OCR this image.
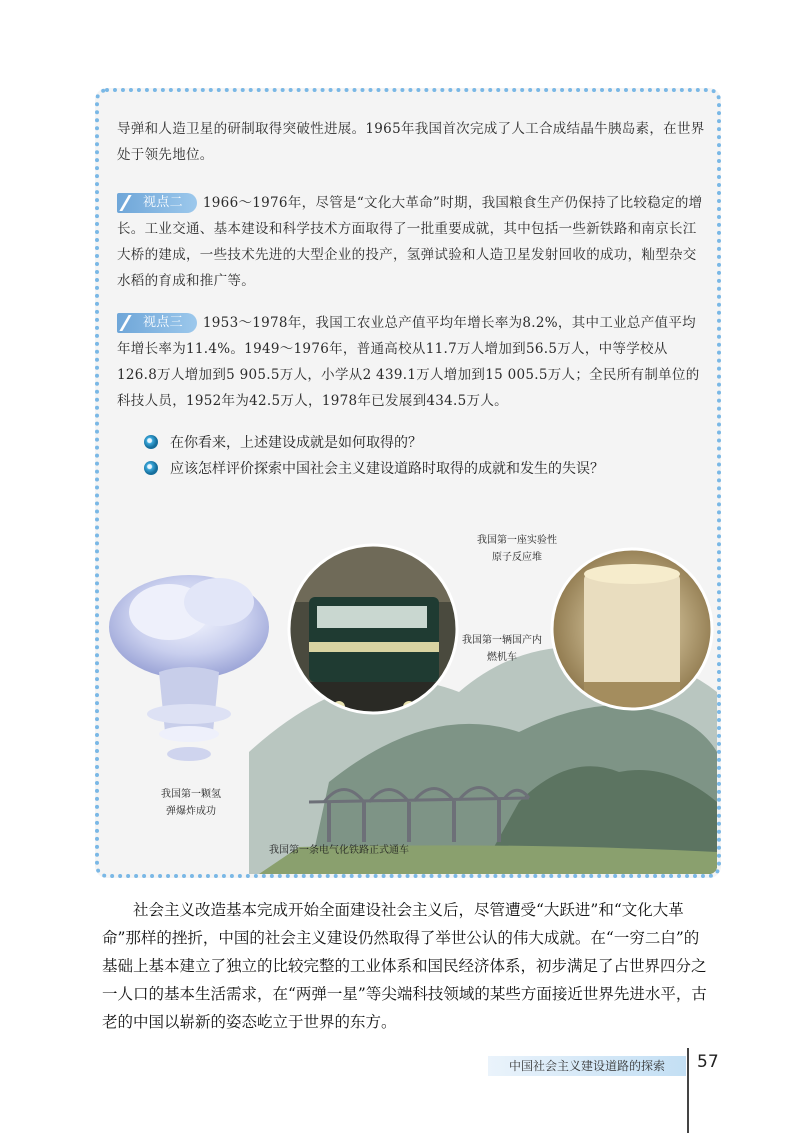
导弹和人造卫星的研制取得突破性进展。1965年我国首次完成了人工合成结晶牛胰岛素，在世界处于领先地位。

视点二 1966～1976年，尽管是“文化大革命”时期，我国粮食生产仍保持了比较稳定的增长。工业交通、基本建设和科学技术方面取得了一批重要成就，其中包括一些新铁路和南京长江大桥的建成，一些技术先进的大型企业的投产，氢弹试验和人造卫星发射回收的成功，籼型杂交水稻的育成和推广等。

视点三 1953～1978年，我国工农业总产值平均年增长率为8.2%，其中工业总产值平均年增长率为11.4%。1949～1976年，普通高校从11.7万人增加到56.5万人，中等学校从126.8万人增加到5 905.5万人，小学从2 439.1万人增加到15 005.5万人；全民所有制单位的科技人员，1952年为42.5万人，1978年已发展到434.5万人。

在你看来，上述建设成就是如何取得的？
应该怎样评价探索中国社会主义建设道路时取得的成就和发生的失误？
我国第一座实验性原子反应堆
我国第一辆国产内燃机车
我国第一颗氢弹爆炸成功
我国第一条电气化铁路正式通车

社会主义改造基本完成开始全面建设社会主义后，尽管遭受“大跃进”和“文化大革命”那样的挫折，中国的社会主义建设仍然取得了举世公认的伟大成就。在“一穷二白”的基础上基本建立了独立的比较完整的工业体系和国民经济体系，初步满足了占世界四分之一人口的基本生活需求，在“两弹一星”等尖端科技领域的某些方面接近世界先进水平，古老的中国以崭新的姿态屹立于世界的东方。

中国社会主义建设道路的探索	57
